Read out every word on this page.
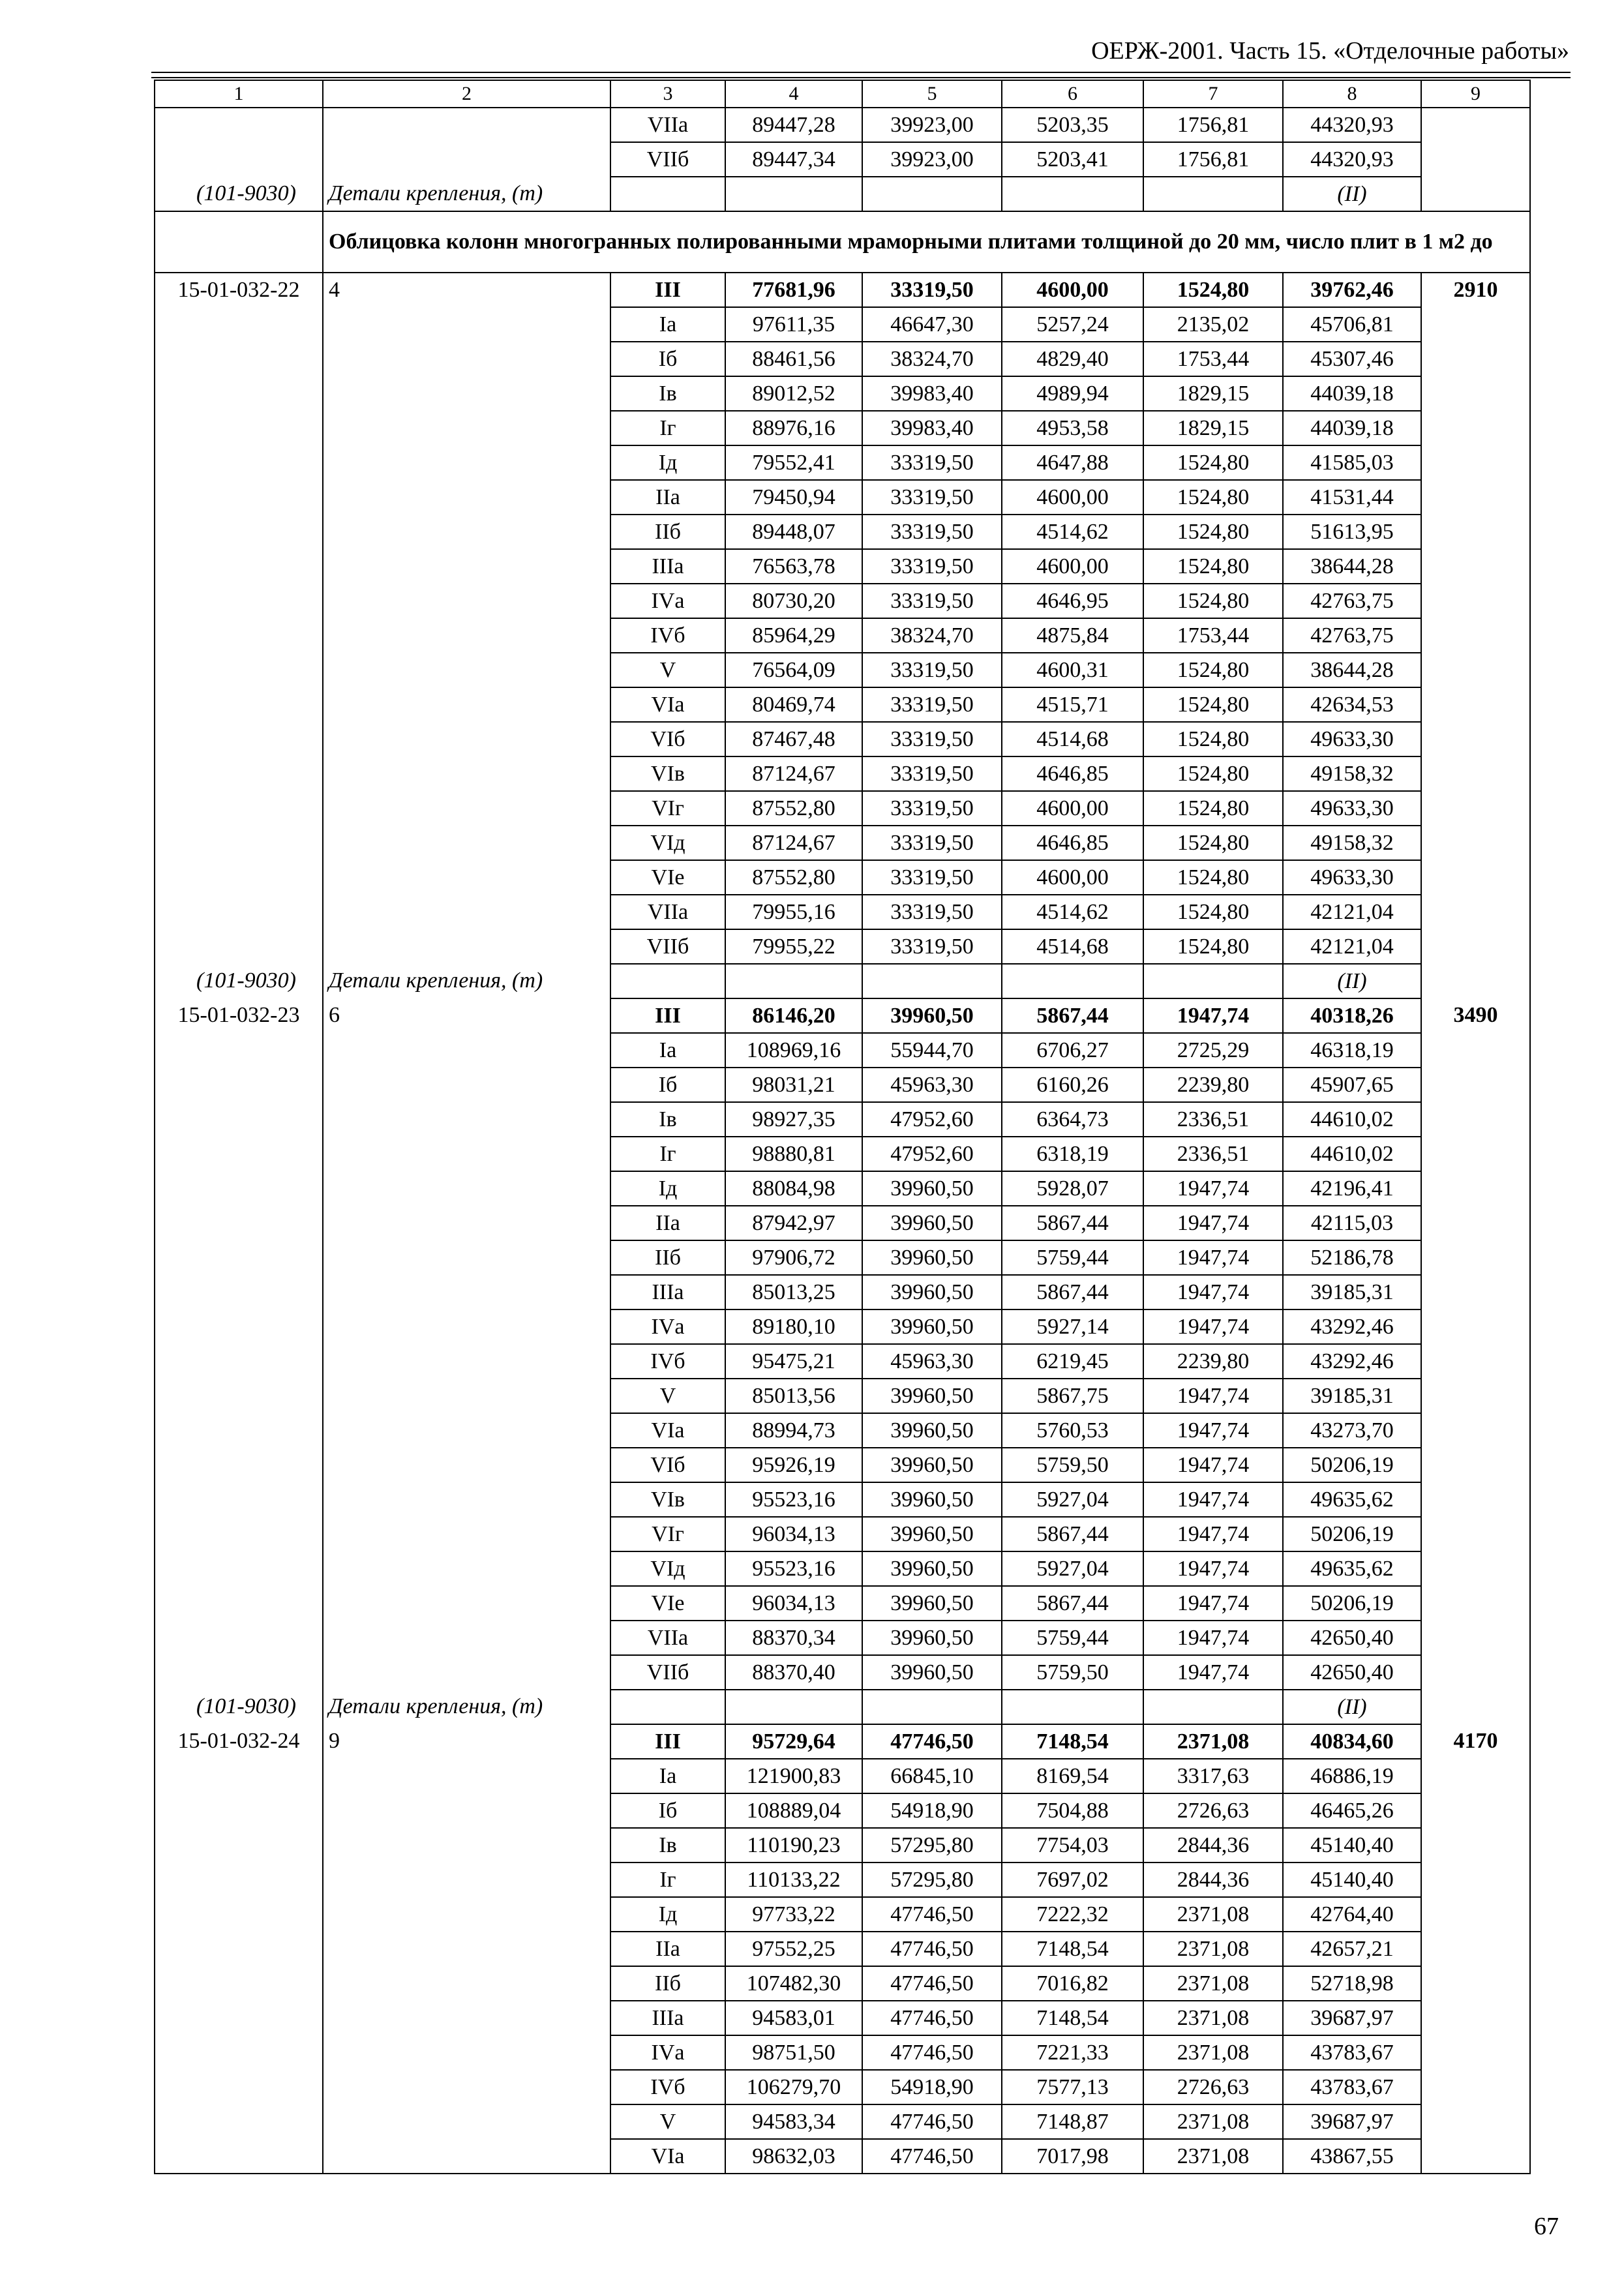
ОЕРЖ-2001. Часть 15. «Отделочные работы»
1	2	3	4	5	6	7	8	9
		VIIа	89447,28	39923,00	5203,35	1756,81	44320,93	
		VIIб	89447,34	39923,00	5203,41	1756,81	44320,93	
(101-9030)	Детали крепления, (т)						(II)	
	Облицовка колонн многогранных полированными мраморными плитами толщиной до 20 мм, число плит в 1 м2 до							
15-01-032-22	4	III	77681,96	33319,50	4600,00	1524,80	39762,46	2910
		Iа	97611,35	46647,30	5257,24	2135,02	45706,81	
		Iб	88461,56	38324,70	4829,40	1753,44	45307,46	
		Iв	89012,52	39983,40	4989,94	1829,15	44039,18	
		Iг	88976,16	39983,40	4953,58	1829,15	44039,18	
		Iд	79552,41	33319,50	4647,88	1524,80	41585,03	
		IIа	79450,94	33319,50	4600,00	1524,80	41531,44	
		IIб	89448,07	33319,50	4514,62	1524,80	51613,95	
		IIIа	76563,78	33319,50	4600,00	1524,80	38644,28	
		IVа	80730,20	33319,50	4646,95	1524,80	42763,75	
		IVб	85964,29	38324,70	4875,84	1753,44	42763,75	
		V	76564,09	33319,50	4600,31	1524,80	38644,28	
		VIа	80469,74	33319,50	4515,71	1524,80	42634,53	
		VIб	87467,48	33319,50	4514,68	1524,80	49633,30	
		VIв	87124,67	33319,50	4646,85	1524,80	49158,32	
		VIг	87552,80	33319,50	4600,00	1524,80	49633,30	
		VIд	87124,67	33319,50	4646,85	1524,80	49158,32	
		VIе	87552,80	33319,50	4600,00	1524,80	49633,30	
		VIIа	79955,16	33319,50	4514,62	1524,80	42121,04	
		VIIб	79955,22	33319,50	4514,68	1524,80	42121,04	
(101-9030)	Детали крепления, (т)						(II)	
15-01-032-23	6	III	86146,20	39960,50	5867,44	1947,74	40318,26	3490
		Iа	108969,16	55944,70	6706,27	2725,29	46318,19	
		Iб	98031,21	45963,30	6160,26	2239,80	45907,65	
		Iв	98927,35	47952,60	6364,73	2336,51	44610,02	
		Iг	98880,81	47952,60	6318,19	2336,51	44610,02	
		Iд	88084,98	39960,50	5928,07	1947,74	42196,41	
		IIа	87942,97	39960,50	5867,44	1947,74	42115,03	
		IIб	97906,72	39960,50	5759,44	1947,74	52186,78	
		IIIа	85013,25	39960,50	5867,44	1947,74	39185,31	
		IVа	89180,10	39960,50	5927,14	1947,74	43292,46	
		IVб	95475,21	45963,30	6219,45	2239,80	43292,46	
		V	85013,56	39960,50	5867,75	1947,74	39185,31	
		VIа	88994,73	39960,50	5760,53	1947,74	43273,70	
		VIб	95926,19	39960,50	5759,50	1947,74	50206,19	
		VIв	95523,16	39960,50	5927,04	1947,74	49635,62	
		VIг	96034,13	39960,50	5867,44	1947,74	50206,19	
		VIд	95523,16	39960,50	5927,04	1947,74	49635,62	
		VIе	96034,13	39960,50	5867,44	1947,74	50206,19	
		VIIа	88370,34	39960,50	5759,44	1947,74	42650,40	
		VIIб	88370,40	39960,50	5759,50	1947,74	42650,40	
(101-9030)	Детали крепления, (т)						(II)	
15-01-032-24	9	III	95729,64	47746,50	7148,54	2371,08	40834,60	4170
		Iа	121900,83	66845,10	8169,54	3317,63	46886,19	
		Iб	108889,04	54918,90	7504,88	2726,63	46465,26	
		Iв	110190,23	57295,80	7754,03	2844,36	45140,40	
		Iг	110133,22	57295,80	7697,02	2844,36	45140,40	
		Iд	97733,22	47746,50	7222,32	2371,08	42764,40	
		IIа	97552,25	47746,50	7148,54	2371,08	42657,21	
		IIб	107482,30	47746,50	7016,82	2371,08	52718,98	
		IIIа	94583,01	47746,50	7148,54	2371,08	39687,97	
		IVа	98751,50	47746,50	7221,33	2371,08	43783,67	
		IVб	106279,70	54918,90	7577,13	2726,63	43783,67	
		V	94583,34	47746,50	7148,87	2371,08	39687,97	
		VIа	98632,03	47746,50	7017,98	2371,08	43867,55	
67
